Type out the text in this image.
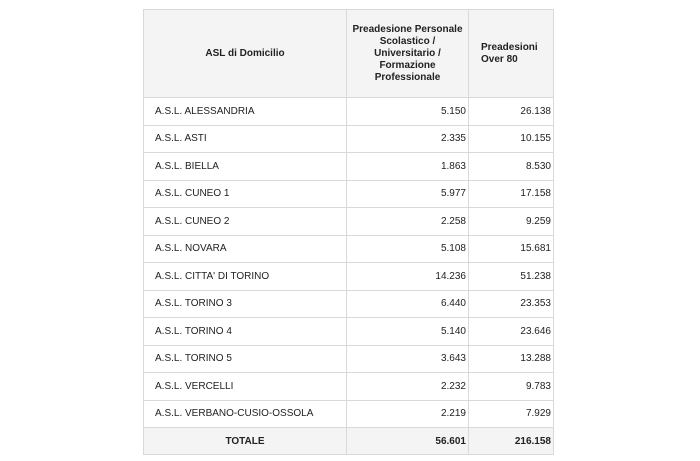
ASL di Domicilio	Preadesione Personale Scolastico / Universitario / Formazione Professionale	Preadesioni Over 80
A.S.L. ALESSANDRIA	5.150	26.138
A.S.L. ASTI	2.335	10.155
A.S.L. BIELLA	1.863	8.530
A.S.L. CUNEO 1	5.977	17.158
A.S.L. CUNEO 2	2.258	9.259
A.S.L. NOVARA	5.108	15.681
A.S.L. CITTA' DI TORINO	14.236	51.238
A.S.L. TORINO 3	6.440	23.353
A.S.L. TORINO 4	5.140	23.646
A.S.L. TORINO 5	3.643	13.288
A.S.L. VERCELLI	2.232	9.783
A.S.L. VERBANO-CUSIO-OSSOLA	2.219	7.929
TOTALE	56.601	216.158
